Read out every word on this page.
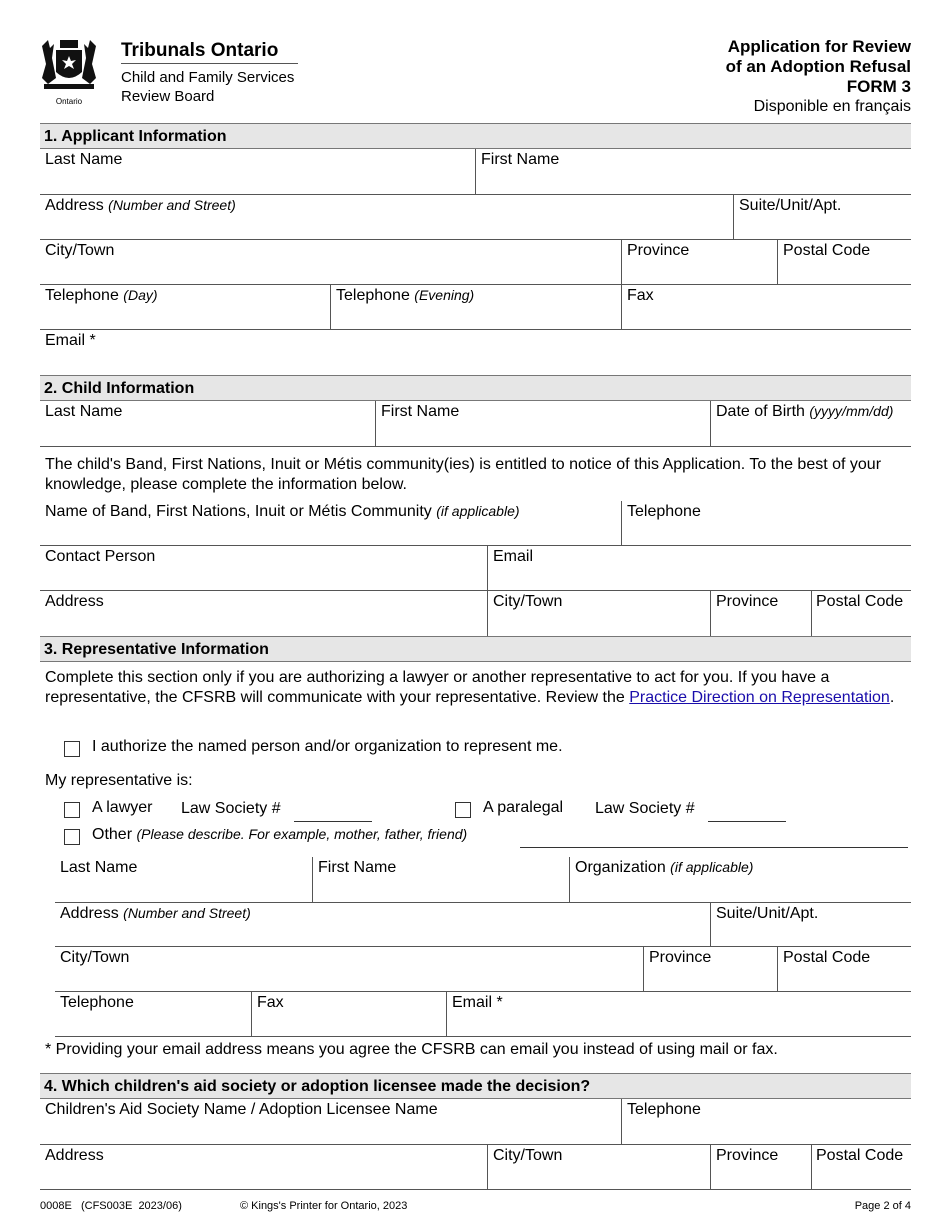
Ontario
Tribunals Ontario
Child and Family Services
Review Board
Application for Review
of an Adoption Refusal
FORM 3
Disponible en français
1. Applicant Information
Last Name	First Name
Address (Number and Street)	Suite/Unit/Apt.
City/Town	Province	Postal Code
Telephone (Day)	Telephone (Evening)	Fax
Email *
2. Child Information
Last Name	First Name	Date of Birth (yyyy/mm/dd)
The child's Band, First Nations, Inuit or Métis community(ies) is entitled to notice of this Application. To the best of your knowledge, please complete the information below.
Name of Band, First Nations, Inuit or Métis Community (if applicable)	Telephone
Contact Person	Email
Address	City/Town	Province	Postal Code
3. Representative Information
Complete this section only if you are authorizing a lawyer or another representative to act for you. If you have a representative, the CFSRB will communicate with your representative. Review the Practice Direction on Representation.
I authorize the named person and/or organization to represent me.
My representative is:
A lawyer Law Society #	A paralegal Law Society #
Other (Please describe. For example, mother, father, friend)
Last Name	First Name	Organization (if applicable)
Address (Number and Street)	Suite/Unit/Apt.
City/Town	Province	Postal Code
Telephone	Fax	Email *
* Providing your email address means you agree the CFSRB can email you instead of using mail or fax.
4. Which children's aid society or adoption licensee made the decision?
Children's Aid Society Name / Adoption Licensee Name	Telephone
Address	City/Town	Province	Postal Code
0008E   (CFS003E  2023/06)	© Kings's Printer for Ontario, 2023	Page 2 of 4
